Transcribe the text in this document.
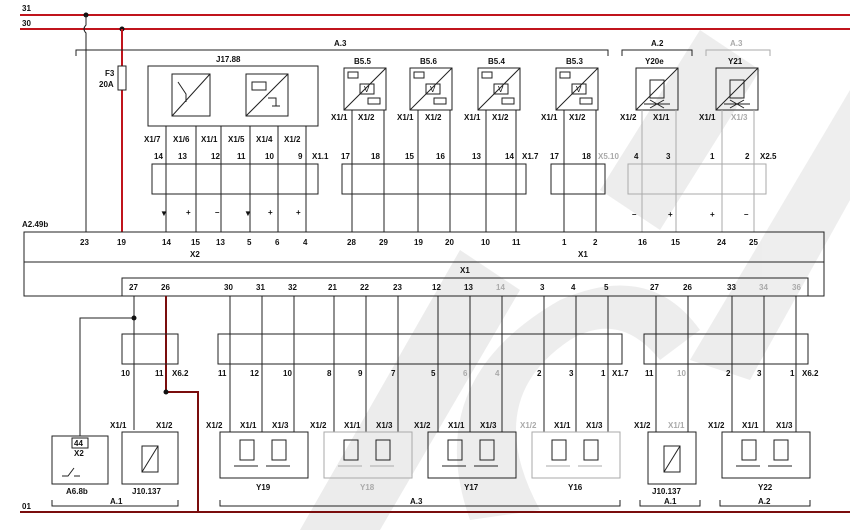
31
30
01
F3
20A
A.3	A.2	A.3
J17.88
V
B5.5
V
B5.6
V
B5.4
V
B5.3	Y20e	Y21
X1/7 X1/6 X1/1 X1/5 X1/4 X1/2
X1/1 X1/2	X1/1 X1/2	X1/1 X1/2	X1/1 X1/2	X1/2 X1/1	X1/1 X1/3
X1.1	X1.7	X5.10	X2.5
14 13	12 11 10	9	17	18	15	16	13	14	17	18	4	3	1	2
▼ +	–	▼ +	+	–	+	+	–
A2.49b
X2	X1
X1
23	19	14	15 13	5	6	4	28	29	19	20	10	11	1	2	16	15	24	25
27	26	30	31	32	21	22	23	12	13	14	3	4	5	27	26	33	34	36
X6.2	X1.7	X6.2
10	11	11	12	10	8	9	7	5	6	4	2	3	1	11	10	2	3	1
44
X2
A6.8b	J10.137	Y19	Y18	Y17	Y16	J10.137	Y22
X1/1	X1/2	X1/2 X1/1 X1/3	X1/2 X1/1 X1/3	X1/2 X1/1 X1/3	X1/2 X1/1 X1/3	X1/2 X1/1	X1/2 X1/1 X1/3
A.1	A.3	A.1	A.2
